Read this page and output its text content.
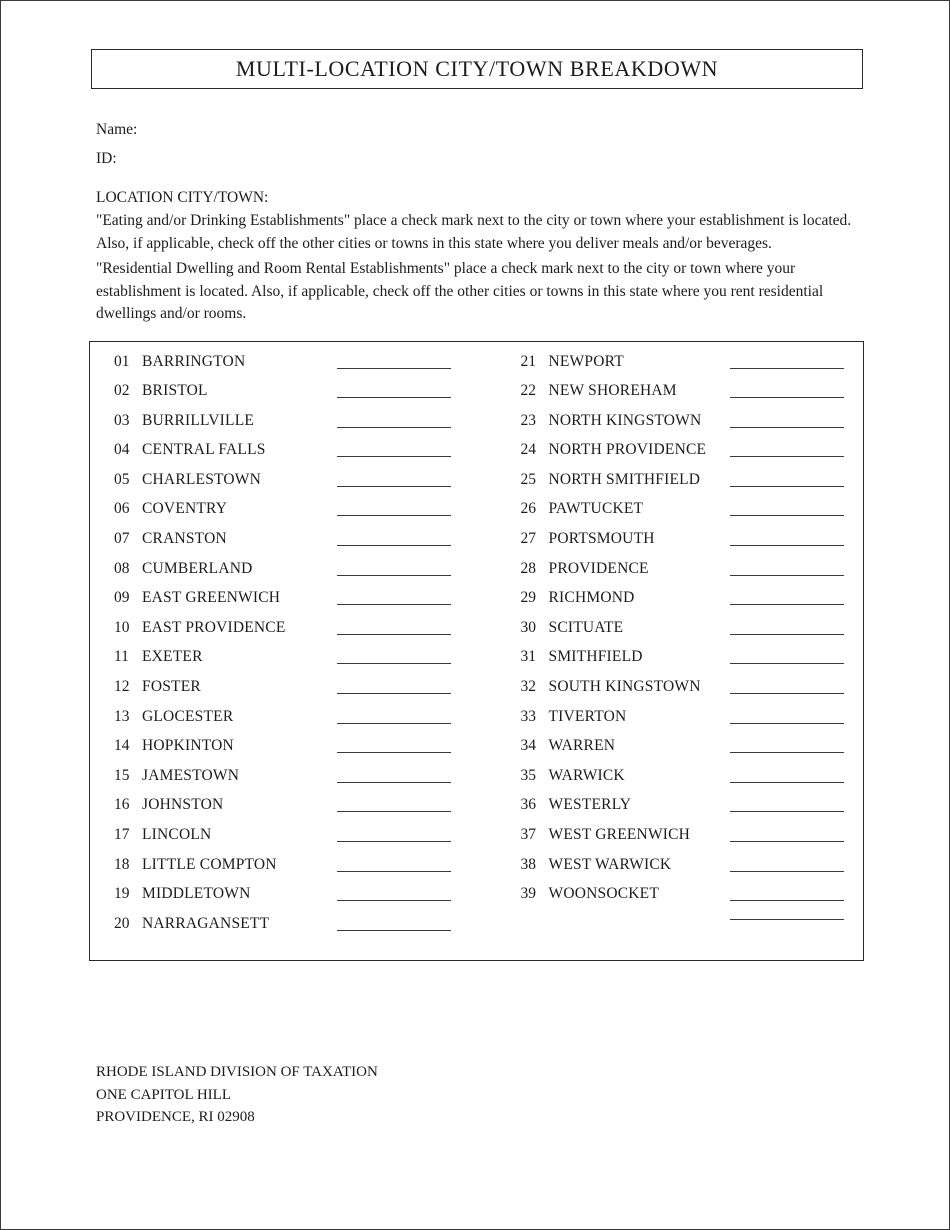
MULTI-LOCATION CITY/TOWN BREAKDOWN
Name:
ID:
LOCATION CITY/TOWN:

"Eating and/or Drinking Establishments" place a check mark next to the city or town where your establishment is located. Also, if applicable, check off the other cities or towns in this state where you deliver meals and/or beverages.

"Residential Dwelling and Room Rental Establishments" place a check mark next to the city or town where your establishment is located. Also, if applicable, check off the other cities or towns in this state where you rent residential dwellings and/or rooms.

01 BARRINGTON
02 BRISTOL
03 BURRILLVILLE
04 CENTRAL FALLS
05 CHARLESTOWN
06 COVENTRY
07 CRANSTON
08 CUMBERLAND
09 EAST GREENWICH
10 EAST PROVIDENCE
11 EXETER
12 FOSTER
13 GLOCESTER
14 HOPKINTON
15 JAMESTOWN
16 JOHNSTON
17 LINCOLN
18 LITTLE COMPTON
19 MIDDLETOWN
20 NARRAGANSETT
21 NEWPORT
22 NEW SHOREHAM
23 NORTH KINGSTOWN
24 NORTH PROVIDENCE
25 NORTH SMITHFIELD
26 PAWTUCKET
27 PORTSMOUTH
28 PROVIDENCE
29 RICHMOND
30 SCITUATE
31 SMITHFIELD
32 SOUTH KINGSTOWN
33 TIVERTON
34 WARREN
35 WARWICK
36 WESTERLY
37 WEST GREENWICH
38 WEST WARWICK
39 WOONSOCKET
RHODE ISLAND DIVISION OF TAXATION
ONE CAPITOL HILL
PROVIDENCE, RI 02908
